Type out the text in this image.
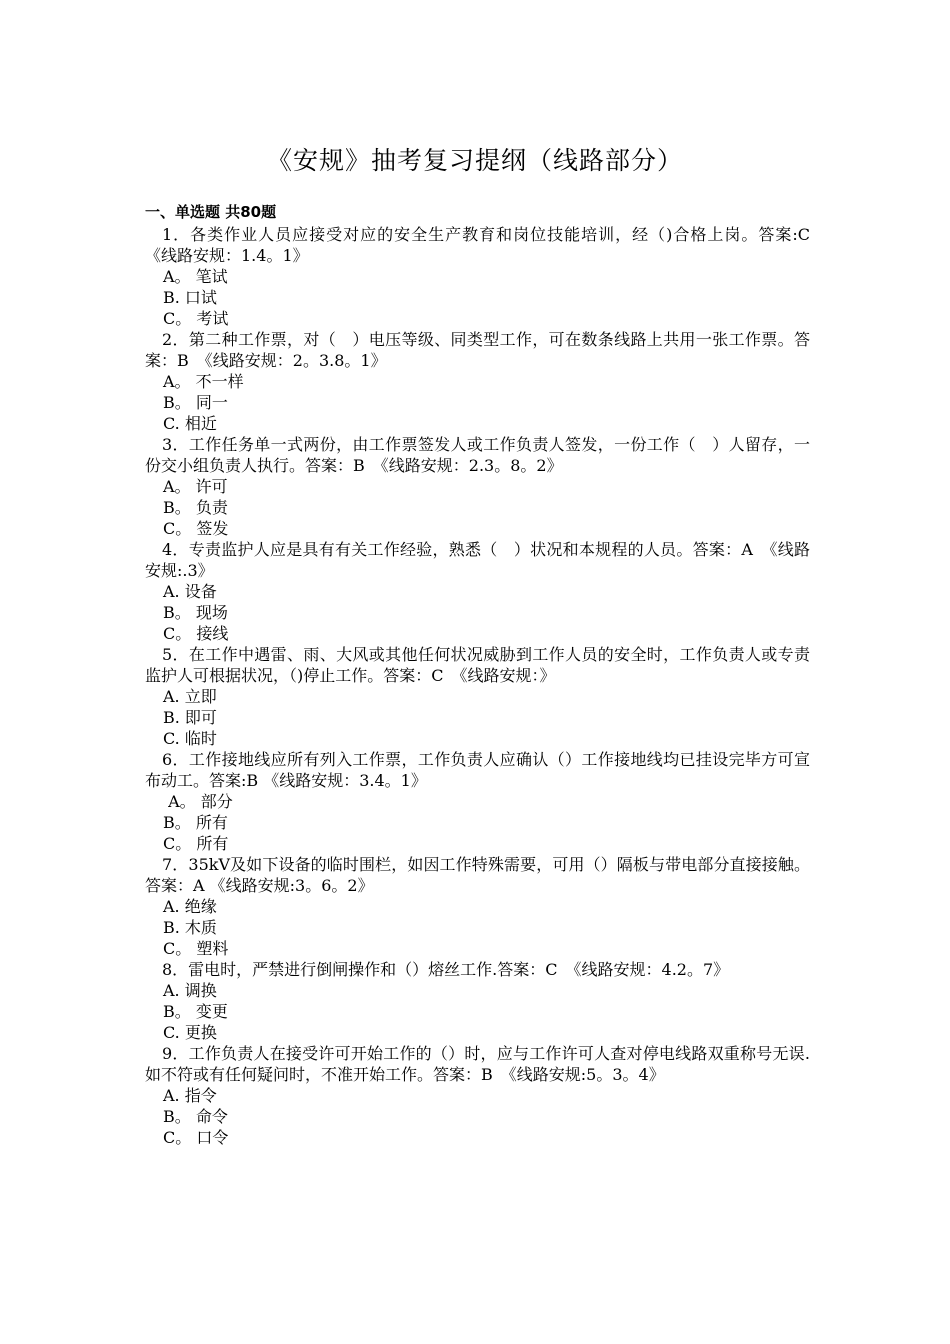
《安规》抽考复习提纲（线路部分）
一、单选题 共80题
1．各类作业人员应接受对应的安全生产教育和岗位技能培训，经（)合格上岗。答案:C　《线路安规：1.4。1》
A。 笔试
B. 口试
C。 考试
2．第二种工作票，对（　）电压等级、同类型工作，可在数条线路上共用一张工作票。答案：B　《线路安规：2。3.8。1》
A。 不一样
B。 同一
C. 相近
3．工作任务单一式两份，由工作票签发人或工作负责人签发，一份工作（　）人留存，一份交小组负责人执行。答案：B　《线路安规：2.3。8。2》
A。 许可
B。 负责
C。 签发
4．专责监护人应是具有有关工作经验，熟悉（　）状况和本规程的人员。答案：A　《线路安规:.3》
A. 设备
B。 现场
C。 接线
5．在工作中遇雷、雨、大风或其他任何状况威胁到工作人员的安全时，工作负责人或专责监护人可根据状况，（)停止工作。答案：C　《线路安规：》
A. 立即
B. 即可
C. 临时
6．工作接地线应所有列入工作票，工作负责人应确认（）工作接地线均已挂设完毕方可宣布动工。答案:B 《线路安规：3.4。1》
A。 部分
B。 所有
C。 所有
7．35kV及如下设备的临时围栏，如因工作特殊需要，可用（）隔板与带电部分直接接触。答案：A 《线路安规:3。6。2》
A. 绝缘
B. 木质
C。 塑料
8．雷电时，严禁进行倒闸操作和（）熔丝工作.答案：C　《线路安规：4.2。7》
A. 调换
B。 变更
C. 更换
9．工作负责人在接受许可开始工作的（）时，应与工作许可人查对停电线路双重称号无误.如不符或有任何疑问时，不准开始工作。答案：B　《线路安规:5。3。4》
A. 指令
B。 命令
C。 口令
